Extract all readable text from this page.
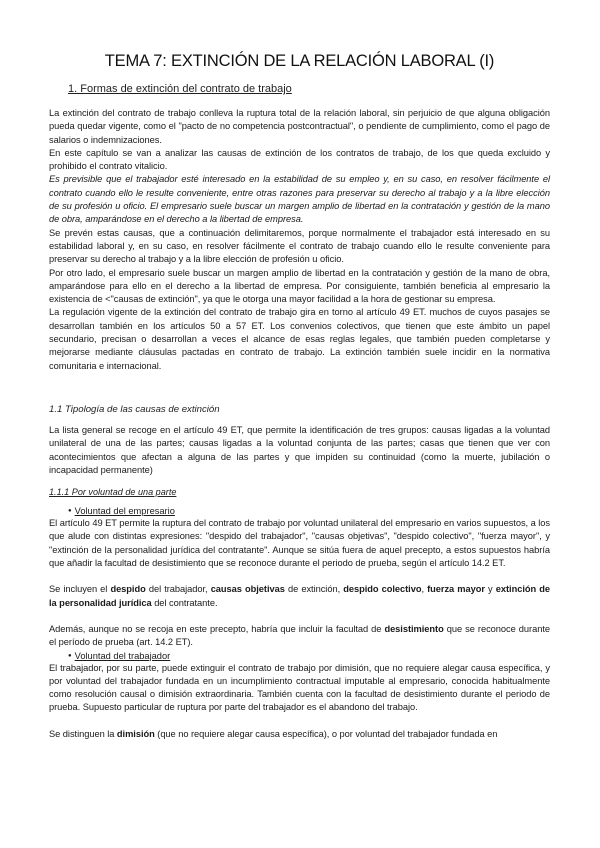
TEMA 7: EXTINCIÓN DE LA RELACIÓN LABORAL (I)
1. Formas de extinción del contrato de trabajo

La extinción del contrato de trabajo conlleva la ruptura total de la relación laboral, sin perjuicio de que alguna obligación pueda quedar vigente, como el "pacto de no competencia postcontractual", o pendiente de cumplimiento, como el pago de salarios o indemnizaciones.

En este capítulo se van a analizar las causas de extinción de los contratos de trabajo, de los que queda excluido y prohibido el contrato vitalicio.

Es previsible que el trabajador esté interesado en la estabilidad de su empleo y, en su caso, en resolver fácilmente el contrato cuando ello le resulte conveniente, entre otras razones para preservar su derecho al trabajo y a la libre elección de su profesión u oficio. El empresario suele buscar un margen amplio de libertad en la contratación y gestión de la mano de obra, amparándose en el derecho a la libertad de empresa.

Se prevén estas causas, que a continuación delimitaremos, porque normalmente el trabajador está interesado en su estabilidad laboral y, en su caso, en resolver fácilmente el contrato de trabajo cuando ello le resulte conveniente para preservar su derecho al trabajo y a la libre elección de profesión u oficio.

Por otro lado, el empresario suele buscar un margen amplio de libertad en la contratación y gestión de la mano de obra, amparándose para ello en el derecho a la libertad de empresa. Por consiguiente, también beneficia al empresario la existencia de <"causas de extinción", ya que le otorga una mayor facilidad a la hora de gestionar su empresa.

La regulación vigente de la extinción del contrato de trabajo gira en torno al artículo 49 ET. muchos de cuyos pasajes se desarrollan también en los artículos 50 a 57 ET. Los convenios colectivos, que tienen que este ámbito un papel secundario, precisan o desarrollan a veces el alcance de esas reglas legales, que también pueden completarse y mejorarse mediante cláusulas pactadas en contrato de trabajo. La extinción también suele incidir en la normativa comunitaria e internacional.

1.1 Tipología de las causas de extinción

La lista general se recoge en el artículo 49 ET, que permite la identificación de tres grupos: causas ligadas a la voluntad unilateral de una de las partes; causas ligadas a la voluntad conjunta de las partes; casas que tienen que ver con acontecimientos que afectan a alguna de las partes y que impiden su continuidad (como la muerte, jubilación o incapacidad permanente)

1.1.1 Por voluntad de una parte
● Voluntad del empresario

El artículo 49 ET permite la ruptura del contrato de trabajo por voluntad unilateral del empresario en varios supuestos, a los que alude con distintas expresiones: "despido del trabajador", "causas objetivas", "despido colectivo", "fuerza mayor", y "extinción de la personalidad jurídica del contratante". Aunque se sitúa fuera de aquel precepto, a estos supuestos habría que añadir la facultad de desistimiento que se reconoce durante el periodo de prueba, según el artículo 14.2 ET.

Se incluyen el despido del trabajador, causas objetivas de extinción, despido colectivo, fuerza mayor y extinción de la personalidad jurídica del contratante.

Además, aunque no se recoja en este precepto, habría que incluir la facultad de desistimiento que se reconoce durante el período de prueba (art. 14.2 ET).

● Voluntad del trabajador

El trabajador, por su parte, puede extinguir el contrato de trabajo por dimisión, que no requiere alegar causa específica, y por voluntad del trabajador fundada en un incumplimiento contractual imputable al empresario, conocida habitualmente como resolución causal o dimisión extraordinaria. También cuenta con la facultad de desistimiento durante el periodo de prueba. Supuesto particular de ruptura por parte del trabajador es el abandono del trabajo.

Se distinguen la dimisión (que no requiere alegar causa específica), o por voluntad del trabajador fundada en
